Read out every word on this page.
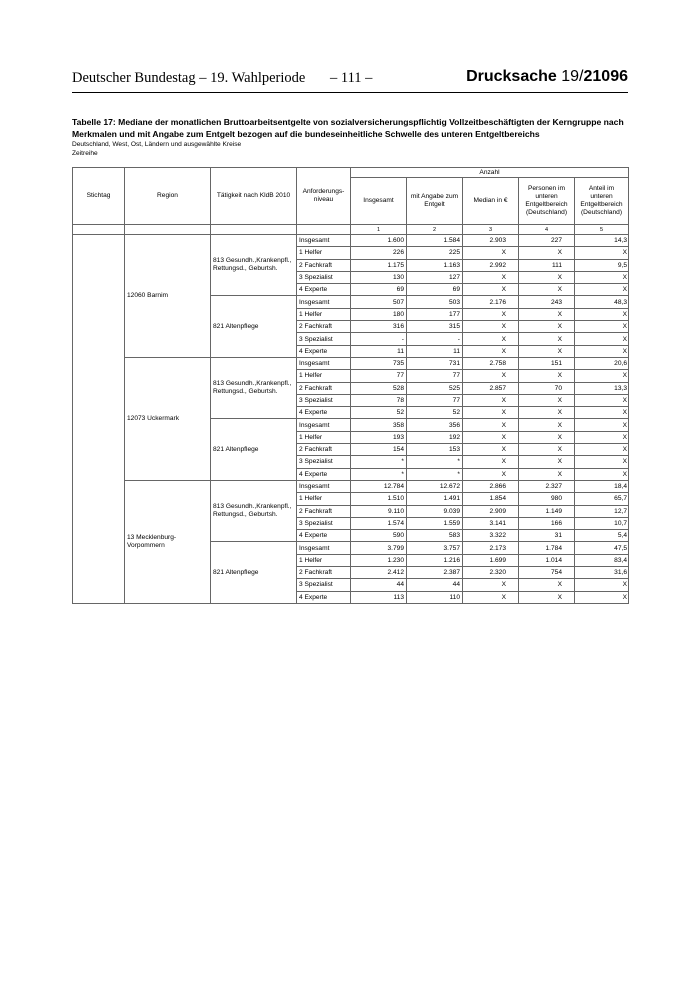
Deutscher Bundestag – 19. Wahlperiode – 111 –	Drucksache 19/21096
Tabelle 17: Mediane der monatlichen Bruttoarbeitsentgelte von sozialversicherungspflichtig Vollzeitbeschäftigten der Kerngruppe nach Merkmalen und mit Angabe zum Entgelt bezogen auf die bundeseinheitliche Schwelle des unteren Entgeltbereichs
Deutschland, West, Ost, Ländern und ausgewählte Kreise
Zeitreihe
Stichtag	Region	Tätigkeit nach KldB 2010	Anforderungs-niveau	Anzahl				
				Insgesamt	mit Angabe zum Entgelt	Median in €	Personen im unteren Entgeltbereich (Deutschland)	Anteil im unteren Entgeltbereich (Deutschland)
				1	2	3	4	5
	12060 Barnim	813 Gesundh.,Krankenpfl., Rettungsd., Geburtsh.	Insgesamt	1.600	1.584	2.903	227	14,3
			1 Helfer	226	225	X	X	X
			2 Fachkraft	1.175	1.163	2.992	111	9,5
			3 Spezialist	130	127	X	X	X
			4 Experte	69	69	X	X	X
		821 Altenpflege	Insgesamt	507	503	2.176	243	48,3
			1 Helfer	180	177	X	X	X
			2 Fachkraft	316	315	X	X	X
			3 Spezialist	-	-	X	X	X
			4 Experte	11	11	X	X	X
	12073 Uckermark	813 Gesundh.,Krankenpfl., Rettungsd., Geburtsh.	Insgesamt	735	731	2.758	151	20,6
			1 Helfer	77	77	X	X	X
			2 Fachkraft	528	525	2.857	70	13,3
			3 Spezialist	78	77	X	X	X
			4 Experte	52	52	X	X	X
		821 Altenpflege	Insgesamt	358	356	X	X	X
			1 Helfer	193	192	X	X	X
			2 Fachkraft	154	153	X	X	X
			3 Spezialist	*	*	X	X	X
			4 Experte	*	*	X	X	X
	13 Mecklenburg-Vorpommern	813 Gesundh.,Krankenpfl., Rettungsd., Geburtsh.	Insgesamt	12.784	12.672	2.866	2.327	18,4
			1 Helfer	1.510	1.491	1.854	980	65,7
			2 Fachkraft	9.110	9.039	2.909	1.149	12,7
			3 Spezialist	1.574	1.559	3.141	166	10,7
			4 Experte	590	583	3.322	31	5,4
		821 Altenpflege	Insgesamt	3.799	3.757	2.173	1.784	47,5
			1 Helfer	1.230	1.216	1.699	1.014	83,4
			2 Fachkraft	2.412	2.387	2.320	754	31,6
			3 Spezialist	44	44	X	X	X
			4 Experte	113	110	X	X	X
